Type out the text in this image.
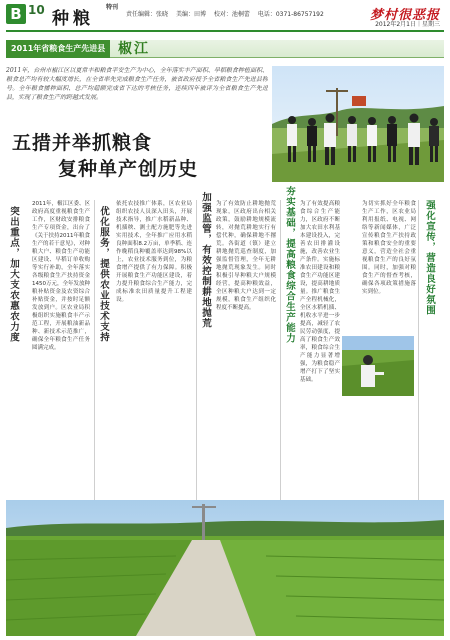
B 10 种粮
特刊
责任编辑：张晓 美编：田博 校对：池桐蕾 电话：0371-86757192	梦村很恶报
2012年2月1日｜星期三
2011年省粮食生产先进县 椒江
2011年，台州市椒江区以夏常丰和粮食平安生产为中心，全年落实丰产面积、早稻粮食种植面积、粮食总产均有较大幅度增长，在全省率先完成粮食生产任务，被省政府授予全省粮食生产先进县称号。全年粮食播种面积、总产均超额完成省下达的考核任务，连续四年被评为全省粮食生产先进县，实现了粮食生产的跨越式发展。
五措并举抓粮食
复种单产创历史
突出重点，加大支农惠农力度
2011年，椒江区委、区政府高度重视粮食生产工作，区财政安排粮食生产专项资金，出台了《关于扶持2011年粮食生产的若干意见》，对种粮大户、粮食生产功能区建设、早稻订单收购等实行补助，全年落实各级粮食生产扶持资金1450万元，全年发放种粮补贴资金及农资综合补贴资金，并按时足额发放到户。区农业局积极组织实施粮食丰产示范工程，开展粮油新品种、新技术示范推广，确保全年粮食生产任务圆满完成。
优化服务，提供农业技术支持
依托农技推广体系，区农业局组织农技人员深入田头，开展技术指导，推广水稻新品种、机插秧、测土配方施肥等先进实用技术，全年推广应用水稻良种面积8.2万亩，单季稻、连作晚稻良种覆盖率达到98%以上，农业技术服务到位，为粮食增产提供了有力保障。积极开展粮食生产功能区建设，着力提升粮食综合生产能力，完成标准农田质量提升工程建设。	加强监管，有效控制耕地抛荒 为了有效防止耕地抛荒现象，区政府出台相关政策，鼓励耕地规模流转，对抛荒耕地实行有偿代种，确保耕地不撂荒。各街道（镇）建立耕地抛荒巡查制度，加强监督管理，全年无耕地抛荒现象发生。同时积极引导种粮大户规模经营，提高种粮效益，全区种粮大户达到一定规模，粮食生产组织化程度不断提高。	夯实基础，提高粮食综合生产能力 为了有效提高粮食综合生产能力，区政府不断加大农田水利基本建设投入，完善农田排灌设施，改善农业生产条件。实施标准农田建设和粮食生产功能区建设，提高耕地质量。推广粮食生产全程机械化，全区水稻机插、机收水平进一步提高，减轻了农民劳动强度，提高了粮食生产效率，粮食综合生产能力显著增强，为粮食稳产增产打下了坚实基础。
强化宣传，营造良好氛围
为切实抓好全年粮食生产工作，区农业局利用报纸、电视、网络等新闻媒体，广泛宣传粮食生产扶持政策和粮食安全的重要意义，营造全社会重视粮食生产的良好氛围。同时，加强对粮食生产的督查考核，确保各项政策措施落实到位。
